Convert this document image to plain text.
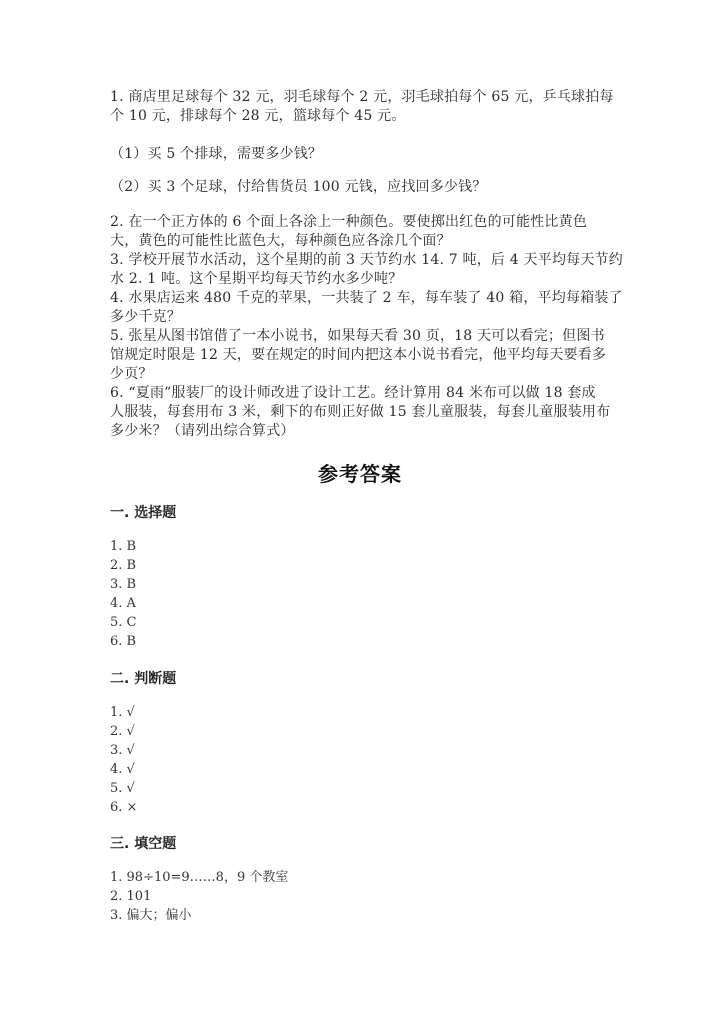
1. 商店里足球每个 32 元，羽毛球每个 2 元，羽毛球拍每个 65 元，乒乓球拍每
个 10 元，排球每个 28 元，篮球每个 45 元。
（1）买 5 个排球，需要多少钱？
（2）买 3 个足球，付给售货员 100 元钱，应找回多少钱？
2. 在一个正方体的 6 个面上各涂上一种颜色。要使掷出红色的可能性比黄色
大，黄色的可能性比蓝色大，每种颜色应各涂几个面？
3. 学校开展节水活动，这个星期的前 3 天节约水 14. 7 吨，后 4 天平均每天节约
水 2. 1 吨。这个星期平均每天节约水多少吨？
4. 水果店运来 480 千克的苹果，一共装了 2 车，每车装了 40 箱，平均每箱装了
多少千克？
5. 张星从图书馆借了一本小说书，如果每天看 30 页，18 天可以看完；但图书
馆规定时限是 12 天，要在规定的时间内把这本小说书看完，他平均每天要看多
少页？
6. “夏雨”服装厂的设计师改进了设计工艺。经计算用 84 米布可以做 18 套成
人服装，每套用布 3 米，剩下的布则正好做 15 套儿童服装，每套儿童服装用布
多少米？（请列出综合算式）
参考答案
一. 选择题
1. B
2. B
3. B
4. A
5. C
6. B
二. 判断题
1. √
2. √
3. √
4. √
5. √
6. ×
三. 填空题
1. 98÷10=9……8，9 个教室
2. 101
3. 偏大；偏小
